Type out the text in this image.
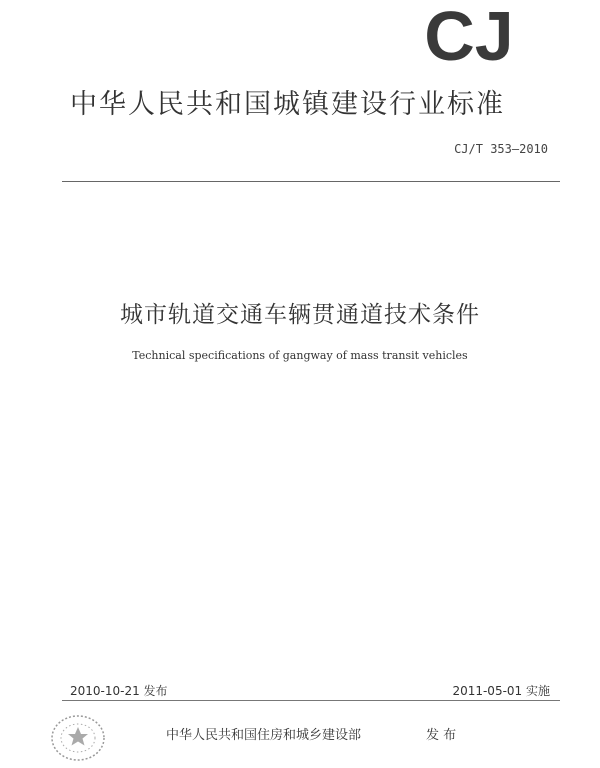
CJ
中华人民共和国城镇建设行业标准
CJ/T 353—2010
城市轨道交通车辆贯通道技术条件
Technical specifications of gangway of mass transit vehicles
2010-10-21 发布	2011-05-01 实施
中华人民共和国住房和城乡建设部	发 布
